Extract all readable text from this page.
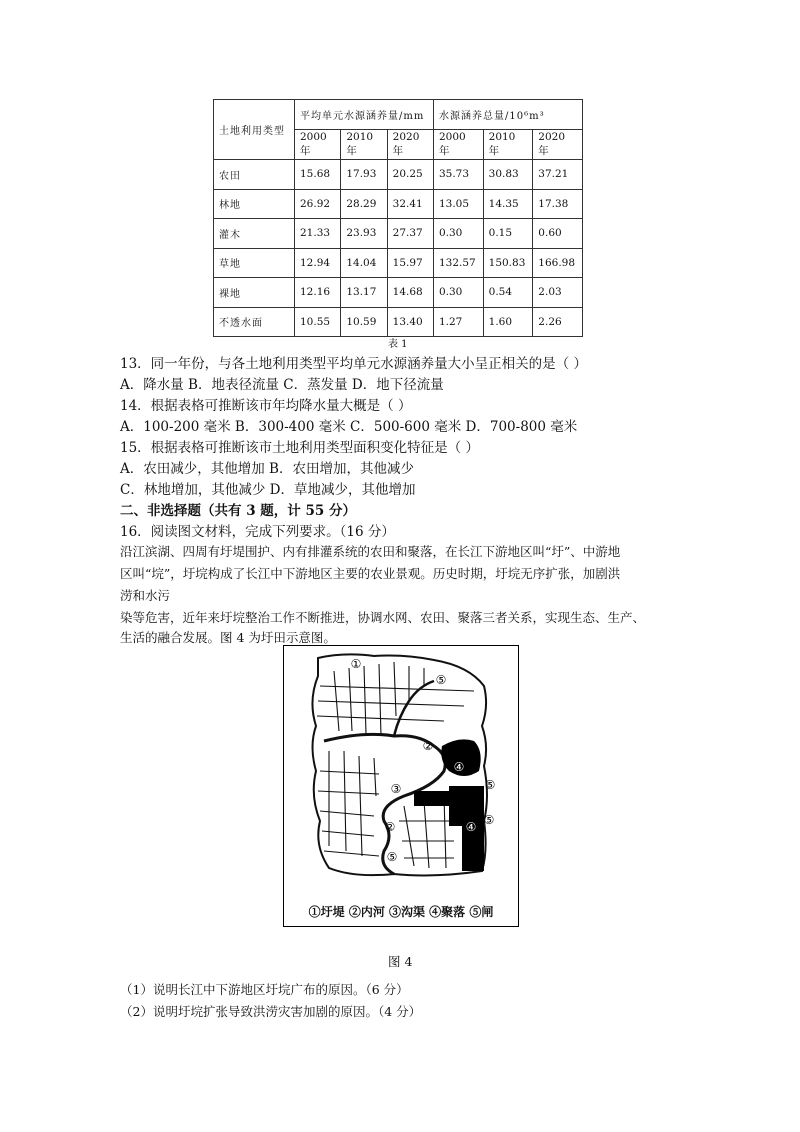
土地利用类型	平均单元水源涵养量/mm			水源涵养总量/10⁶m³		
	2000 年	2010 年	2020 年	2000 年	2010 年	2020 年
农田	15.68	17.93	20.25	35.73	30.83	37.21
林地	26.92	28.29	32.41	13.05	14.35	17.38
灌木	21.33	23.93	27.37	0.30	0.15	0.60
草地	12.94	14.04	15.97	132.57	150.83	166.98
裸地	12.16	13.17	14.68	0.30	0.54	2.03
不透水面	10.55	10.59	13.40	1.27	1.60	2.26
表 1
13．同一年份，与各土地利用类型平均单元水源涵养量大小呈正相关的是（ ）
A．降水量 B．地表径流量 C．蒸发量 D．地下径流量
14．根据表格可推断该市年均降水量大概是（ ）
A．100-200 毫米 B．300-400 毫米 C．500-600 毫米 D．700-800 毫米
15．根据表格可推断该市土地利用类型面积变化特征是（ ）
A．农田减少，其他增加 B．农田增加，其他减少
C．林地增加，其他减少 D．草地减少，其他增加
二、非选择题（共有 3 题，计 55 分）
16．阅读图文材料，完成下列要求。（16 分）
沿江滨湖、四周有圩堤围护、内有排灌系统的农田和聚落，在长江下游地区叫“圩”、中游地
区叫“垸”，圩垸构成了长江中下游地区主要的农业景观。历史时期，圩垸无序扩张，加剧洪
涝和水污
染等危害，近年来圩垸整治工作不断推进，协调水网、农田、聚落三者关系，实现生态、生产、
生活的融合发展。图 4 为圩田示意图。
①
⑤
②
④
⑤
③
④ ⑤
②
⑤
①圩堤 ②内河 ③沟渠 ④聚落 ⑤闸
图 4
（1）说明长江中下游地区圩垸广布的原因。（6 分）
（2）说明圩垸扩张导致洪涝灾害加剧的原因。（4 分）
